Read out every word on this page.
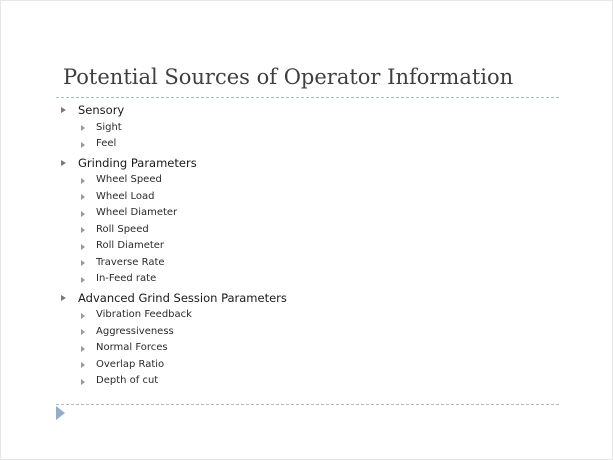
Potential Sources of Operator Information
Sensory
Sight
Feel
Grinding Parameters
Wheel Speed
Wheel Load
Wheel Diameter
Roll Speed
Roll Diameter
Traverse Rate
In-Feed rate
Advanced Grind Session Parameters
Vibration Feedback
Aggressiveness
Normal Forces
Overlap Ratio
Depth of cut
